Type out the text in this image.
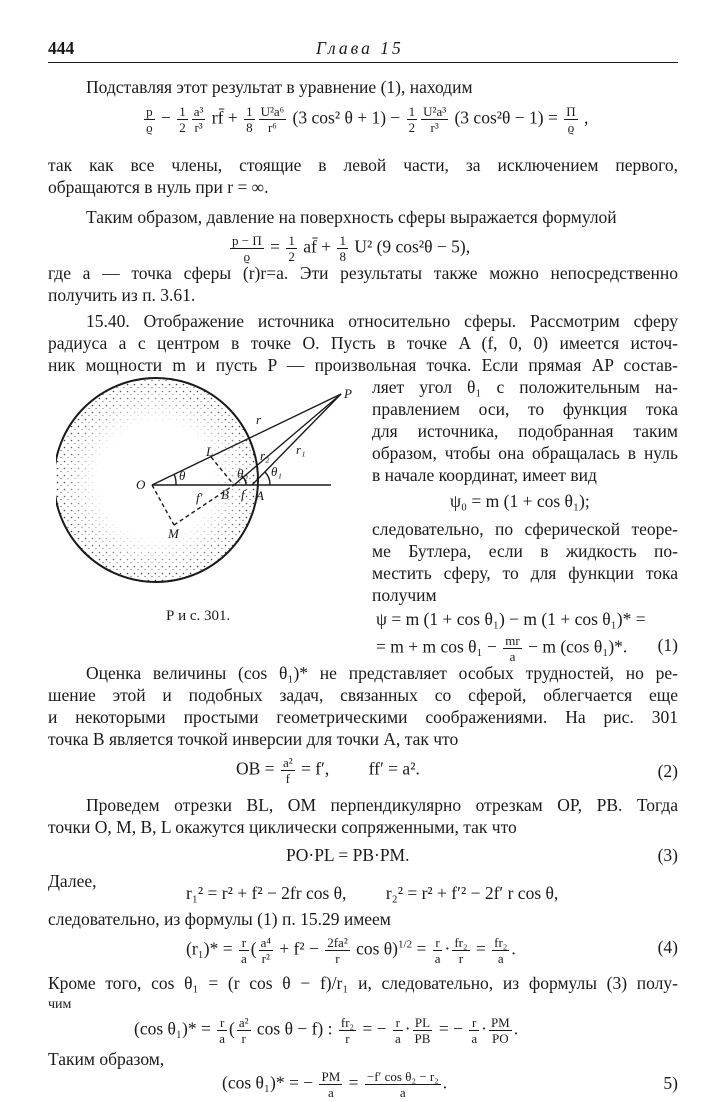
444	Глава 15
Подставляя этот результат в уравнение (1), находим
$\frac{p}{ϱ} - \frac{1}{2} \frac{\text{a³}}{\text{r³}}$ rf̄ + $\frac{1}{8} \frac{\text{U²a⁶}}{\text{r⁶}} (3$ cos² $\theta + 1) - \frac{1}{2} \frac{\text{U²a³}}{\text{r³}} (3$ $\cos^2\theta - 1) = \frac{\Pi}{ϱ}$ ,
так как все члены, стоящие в левой части, за исключением первого,
обращаются в нуль при r = ∞.
Таким образом, давление на поверхность сферы выражается формулой
$\frac{p - \Pi}{ϱ} = \frac{1}{2}$ af̄ + $\frac{1}{8} U^2$ (9 cos²θ − 5),
где a — точка сферы (r)r=a. Эти результаты также можно непосредственно
получить из п. 3.61.
15.40. Отображение источника относительно сферы. Рассмотрим сферу
радиуса a с центром в точке O. Пусть в точке A (f, 0, 0) имеется источ-
ник мощности m и пусть P — произвольная точка. Если прямая AP состав-
ляет угол θ₁ с положительным на-
правлением оси, то функция тока
для источника, подобранная таким
образом, чтобы она обращалась в нуль
в начале координат, имеет вид
ψ₀ = m (1 + cos θ₁);
следовательно, по сферической теоре-
ме Бутлера, если в жидкость по-
местить сферу, то для функции тока
получим
ψ = m (1 + cos θ₁) − m (1 + cos θ₁)* =
= m + m $\cos \theta_1 - \frac{mr}{a} - m$ (cos θ₁)*. (1)
P
r
L	r₂ r₁
θ	θ₂ θ₁
O
f′ B f A
M
Р и с. 301.
Оценка величины (cos θ₁)* не представляет особых трудностей, но ре-
шение этой и подобных задач, связанных со сферой, облегчается еще
и некоторыми простыми геометрическими соображениями. На рис. 301
точка B является точкой инверсии для точки A, так что
OB = $\frac{\text{a²}}{f} = f'$, ff′ = a².	(2)
Проведем отрезки BL, OM перпендикулярно отрезкам OP, PB. Тогда
точки O, M, B, L окажутся циклически сопряженными, так что
PO·PL = PB·PM.	(3)
Далее,
r₁² = r² + f² − 2fr cos θ, r₂² = r² + f′² − 2f′ r cos θ,
следовательно, из формулы (1) п. 15.29 имеем
$(r_1)* = \frac{r}{a}$ ( $\frac{\text{a⁴}}{\text{r²}} + f^2 - \frac{\text{2fa²}}{r}$ $\cos \theta)^{1/2} = \frac{r}{a} \cdot \frac{\text{fr₂}}{r} = \frac{\text{fr₂}}{a}$ .	(4)
Кроме того, cos θ₁ = (r cos θ − f)/r₁ и, следовательно, из формулы (3) полу-
чим
(cos $\theta_1)* = \frac{r}{a}$ ( $\frac{\text{a²}}{r}$ cos θ − f) : $\frac{\text{fr₂}}{r}$ = − $\frac{r}{a} \cdot \frac{PL}{PB}$ = − $\frac{r}{a} \cdot \frac{PM}{PO}$ .
Таким образом,
(cos θ₁)* = − $\frac{PM}{a} = \frac{\text{−f′ cos θ₂ − r₂}}{a}$ .	5)
